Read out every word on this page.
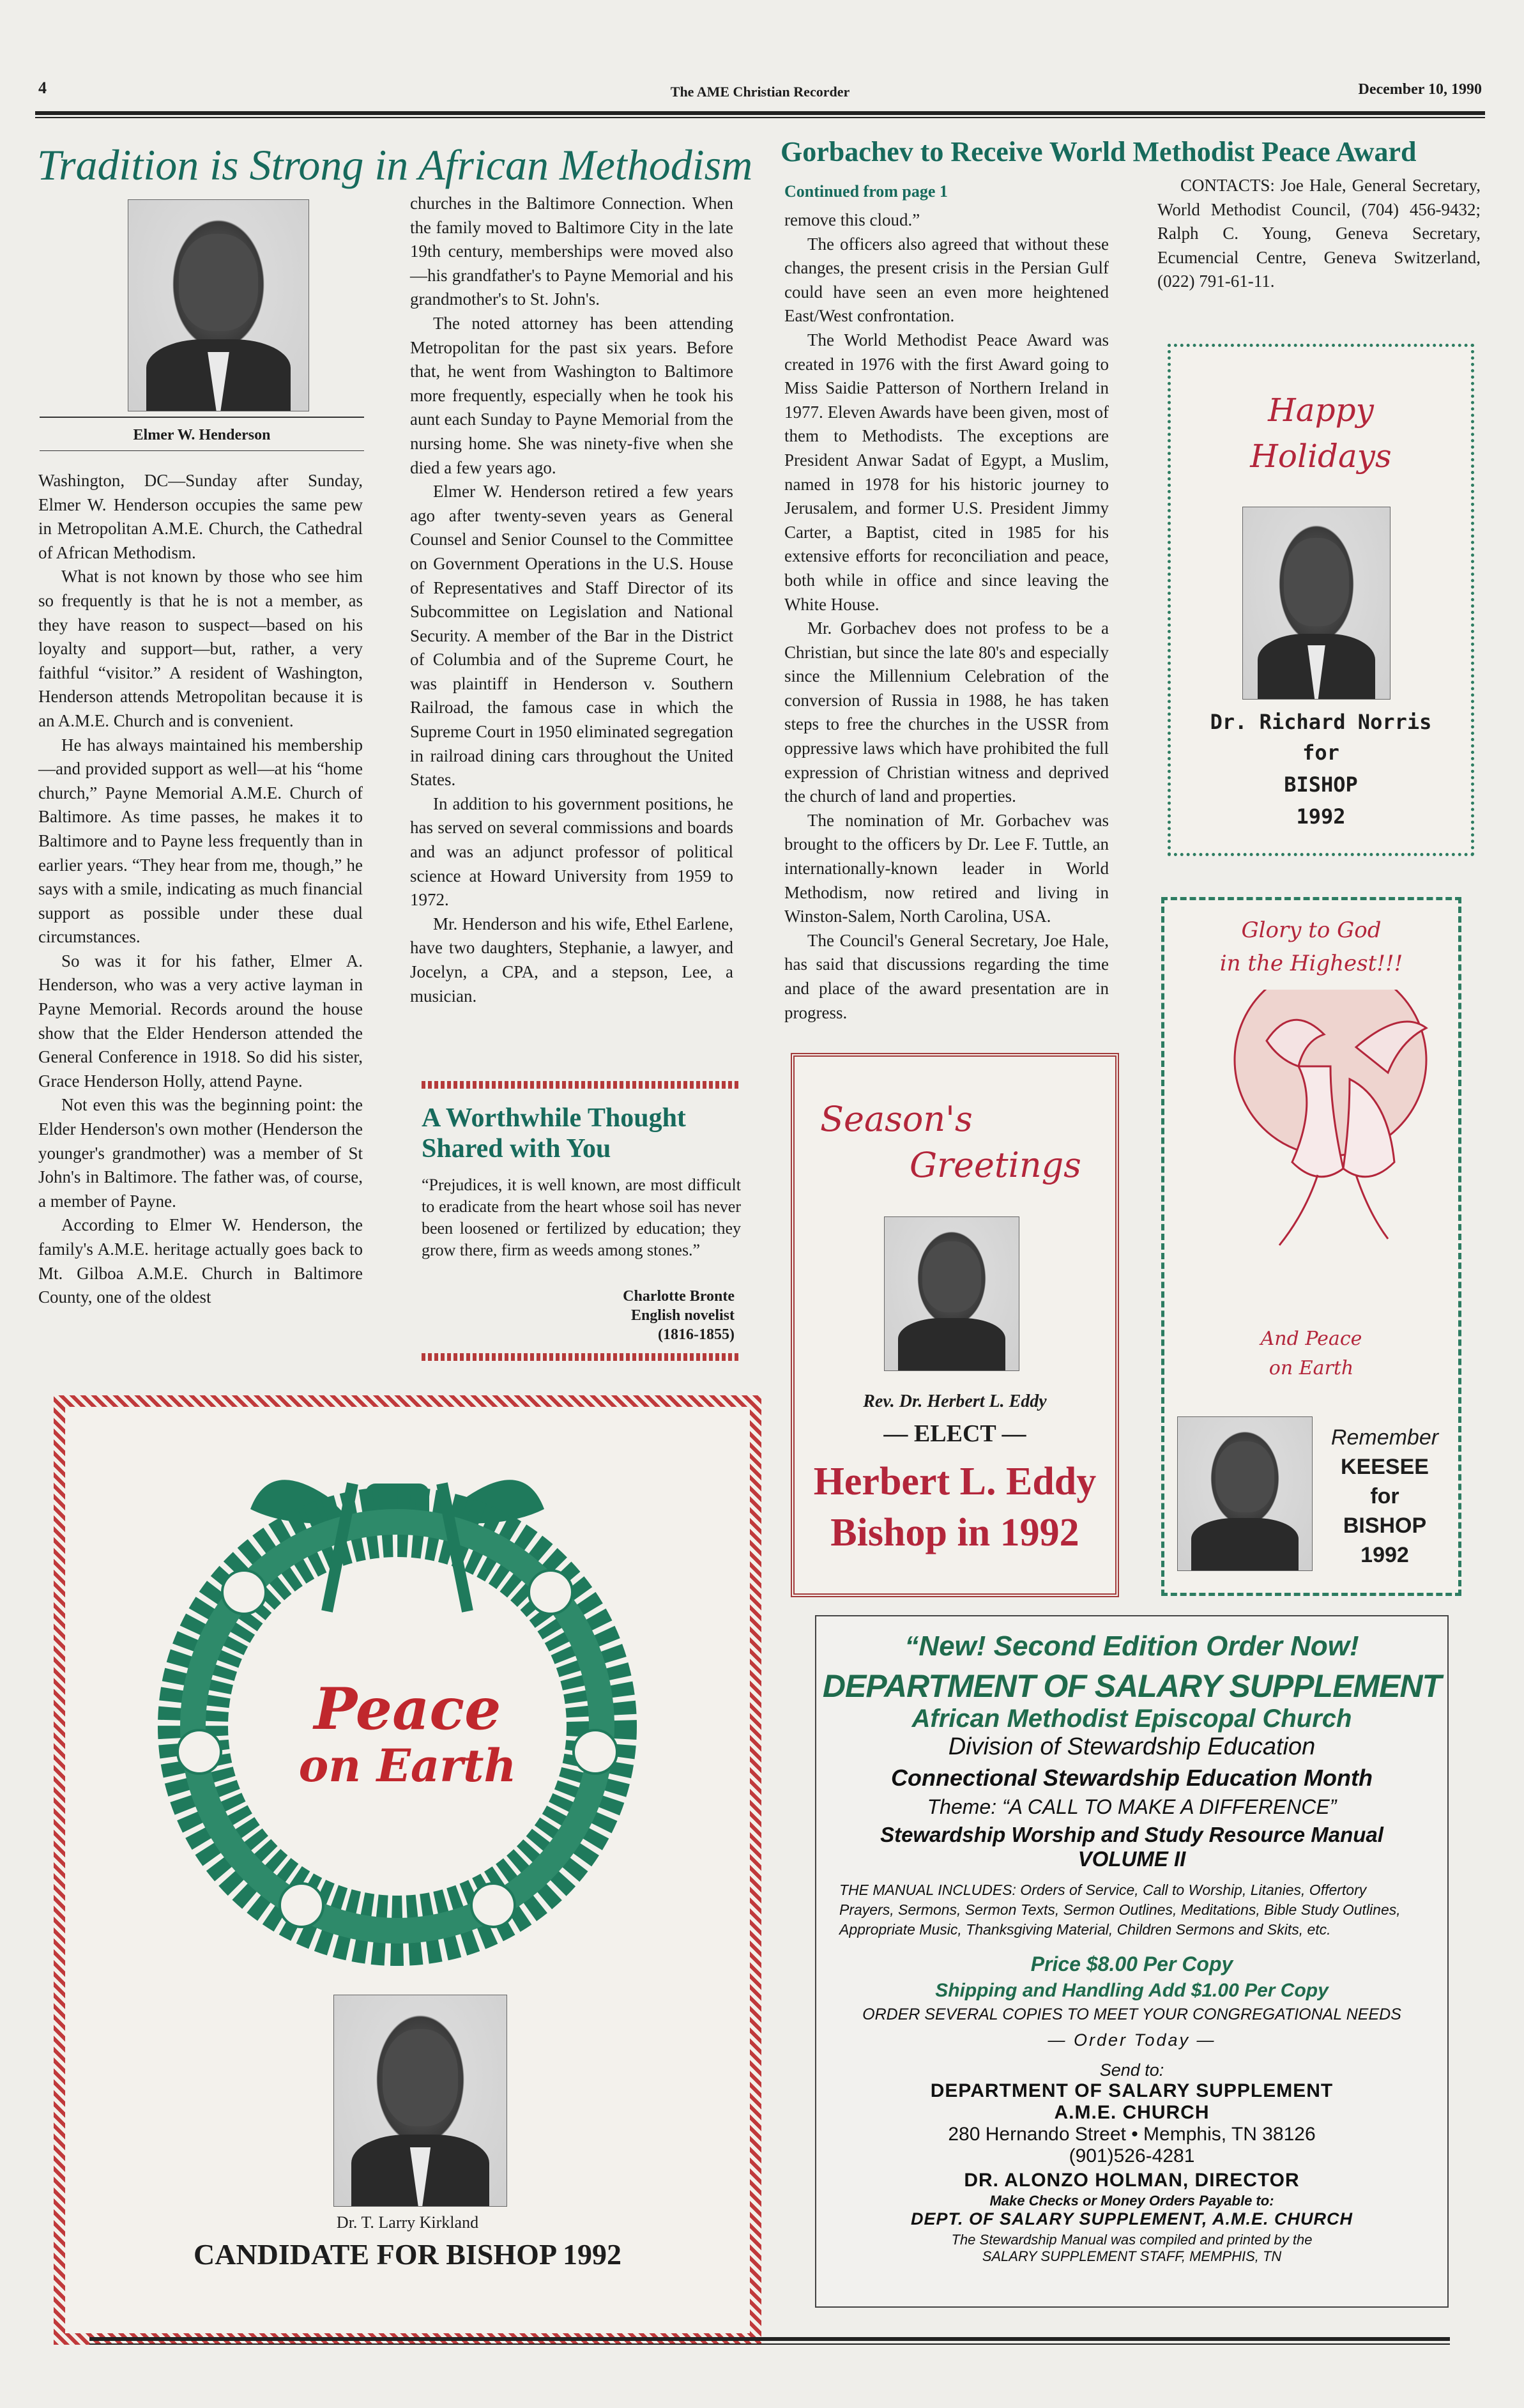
4	The AME Christian Recorder	December 10, 1990
Tradition is Strong in African Methodism
Elmer W. Henderson

Washington, DC—Sunday after Sunday, Elmer W. Henderson occupies the same pew in Metropolitan A.M.E. Church, the Cathedral of African Methodism.

What is not known by those who see him so frequently is that he is not a member, as they have reason to suspect—based on his loyalty and support—but, rather, a very faithful “visitor.” A resident of Washington, Henderson attends Metropolitan because it is an A.M.E. Church and is convenient.

He has always maintained his membership—and provided support as well—at his “home church,” Payne Memorial A.M.E. Church of Baltimore. As time passes, he makes it to Baltimore and to Payne less frequently than in earlier years. “They hear from me, though,” he says with a smile, indicating as much financial support as possible under these dual circumstances.

So was it for his father, Elmer A. Henderson, who was a very active layman in Payne Memorial. Records around the house show that the Elder Henderson attended the General Conference in 1918. So did his sister, Grace Henderson Holly, attend Payne.

Not even this was the beginning point: the Elder Henderson's own mother (Henderson the younger's grandmother) was a member of St John's in Baltimore. The father was, of course, a member of Payne.

According to Elmer W. Henderson, the family's A.M.E. heritage actually goes back to Mt. Gilboa A.M.E. Church in Baltimore County, one of the oldest

churches in the Baltimore Connection. When the family moved to Baltimore City in the late 19th century, memberships were moved also—his grandfather's to Payne Memorial and his grandmother's to St. John's.

The noted attorney has been attending Metropolitan for the past six years. Before that, he went from Washington to Baltimore more frequently, especially when he took his aunt each Sunday to Payne Memorial from the nursing home. She was ninety-five when she died a few years ago.

Elmer W. Henderson retired a few years ago after twenty-seven years as General Counsel and Senior Counsel to the Committee on Government Operations in the U.S. House of Representatives and Staff Director of its Subcommittee on Legislation and National Security. A member of the Bar in the District of Columbia and of the Supreme Court, he was plaintiff in Henderson v. Southern Railroad, the famous case in which the Supreme Court in 1950 eliminated segregation in railroad dining cars throughout the United States.

In addition to his government positions, he has served on several commissions and boards and was an adjunct professor of political science at Howard University from 1959 to 1972.

Mr. Henderson and his wife, Ethel Earlene, have two daughters, Stephanie, a lawyer, and Jocelyn, a CPA, and a stepson, Lee, a musician.

A Worthwhile Thought Shared with You
“Prejudices, it is well known, are most difficult to eradicate from the heart whose soil has never been loosened or fertilized by education; they grow there, firm as weeds among stones.”
Charlotte Bronte
English novelist
(1816-1855)
Gorbachev to Receive World Methodist Peace Award
Continued from page 1

remove this cloud.”

The officers also agreed that without these changes, the present crisis in the Persian Gulf could have seen an even more heightened East/West confrontation.

The World Methodist Peace Award was created in 1976 with the first Award going to Miss Saidie Patterson of Northern Ireland in 1977. Eleven Awards have been given, most of them to Methodists. The exceptions are President Anwar Sadat of Egypt, a Muslim, named in 1978 for his historic journey to Jerusalem, and former U.S. President Jimmy Carter, a Baptist, cited in 1985 for his extensive efforts for reconciliation and peace, both while in office and since leaving the White House.

Mr. Gorbachev does not profess to be a Christian, but since the late 80's and especially since the Millennium Celebration of the conversion of Russia in 1988, he has taken steps to free the churches in the USSR from oppressive laws which have prohibited the full expression of Christian witness and deprived the church of land and properties.

The nomination of Mr. Gorbachev was brought to the officers by Dr. Lee F. Tuttle, an internationally-known leader in World Methodism, now retired and living in Winston-Salem, North Carolina, USA.

The Council's General Secretary, Joe Hale, has said that discussions regarding the time and place of the award presentation are in progress.

CONTACTS: Joe Hale, General Secretary, World Methodist Council, (704) 456-9432; Ralph C. Young, Geneva Secretary, Ecumencial Centre, Geneva Switzerland, (022) 791-61-11.

Happy
Holidays
Dr. Richard Norris
for
BISHOP
1992
Season's
Greetings
Rev. Dr. Herbert L. Eddy
— ELECT —
Herbert L. Eddy
Bishop in 1992
Glory to God
in the Highest!!!
And Peace
on Earth
Remember
KEESEE
for
BISHOP
1992
Peace
on Earth
Dr. T. Larry Kirkland
CANDIDATE FOR BISHOP 1992
“New! Second Edition Order Now!
DEPARTMENT OF SALARY SUPPLEMENT
African Methodist Episcopal Church
Division of Stewardship Education
Connectional Stewardship Education Month
Theme: “A CALL TO MAKE A DIFFERENCE”
Stewardship Worship and Study Resource Manual
VOLUME II
THE MANUAL INCLUDES: Orders of Service, Call to Worship, Litanies, Offertory Prayers, Sermons, Sermon Texts, Sermon Outlines, Meditations, Bible Study Outlines, Appropriate Music, Thanksgiving Material, Children Sermons and Skits, etc.
Price $8.00 Per Copy
Shipping and Handling Add $1.00 Per Copy
ORDER SEVERAL COPIES TO MEET YOUR CONGREGATIONAL NEEDS
— Order Today —
Send to:
DEPARTMENT OF SALARY SUPPLEMENT
A.M.E. CHURCH
280 Hernando Street • Memphis, TN 38126
(901)526-4281
DR. ALONZO HOLMAN, DIRECTOR
Make Checks or Money Orders Payable to:
DEPT. OF SALARY SUPPLEMENT, A.M.E. CHURCH
The Stewardship Manual was compiled and printed by the
SALARY SUPPLEMENT STAFF, MEMPHIS, TN
